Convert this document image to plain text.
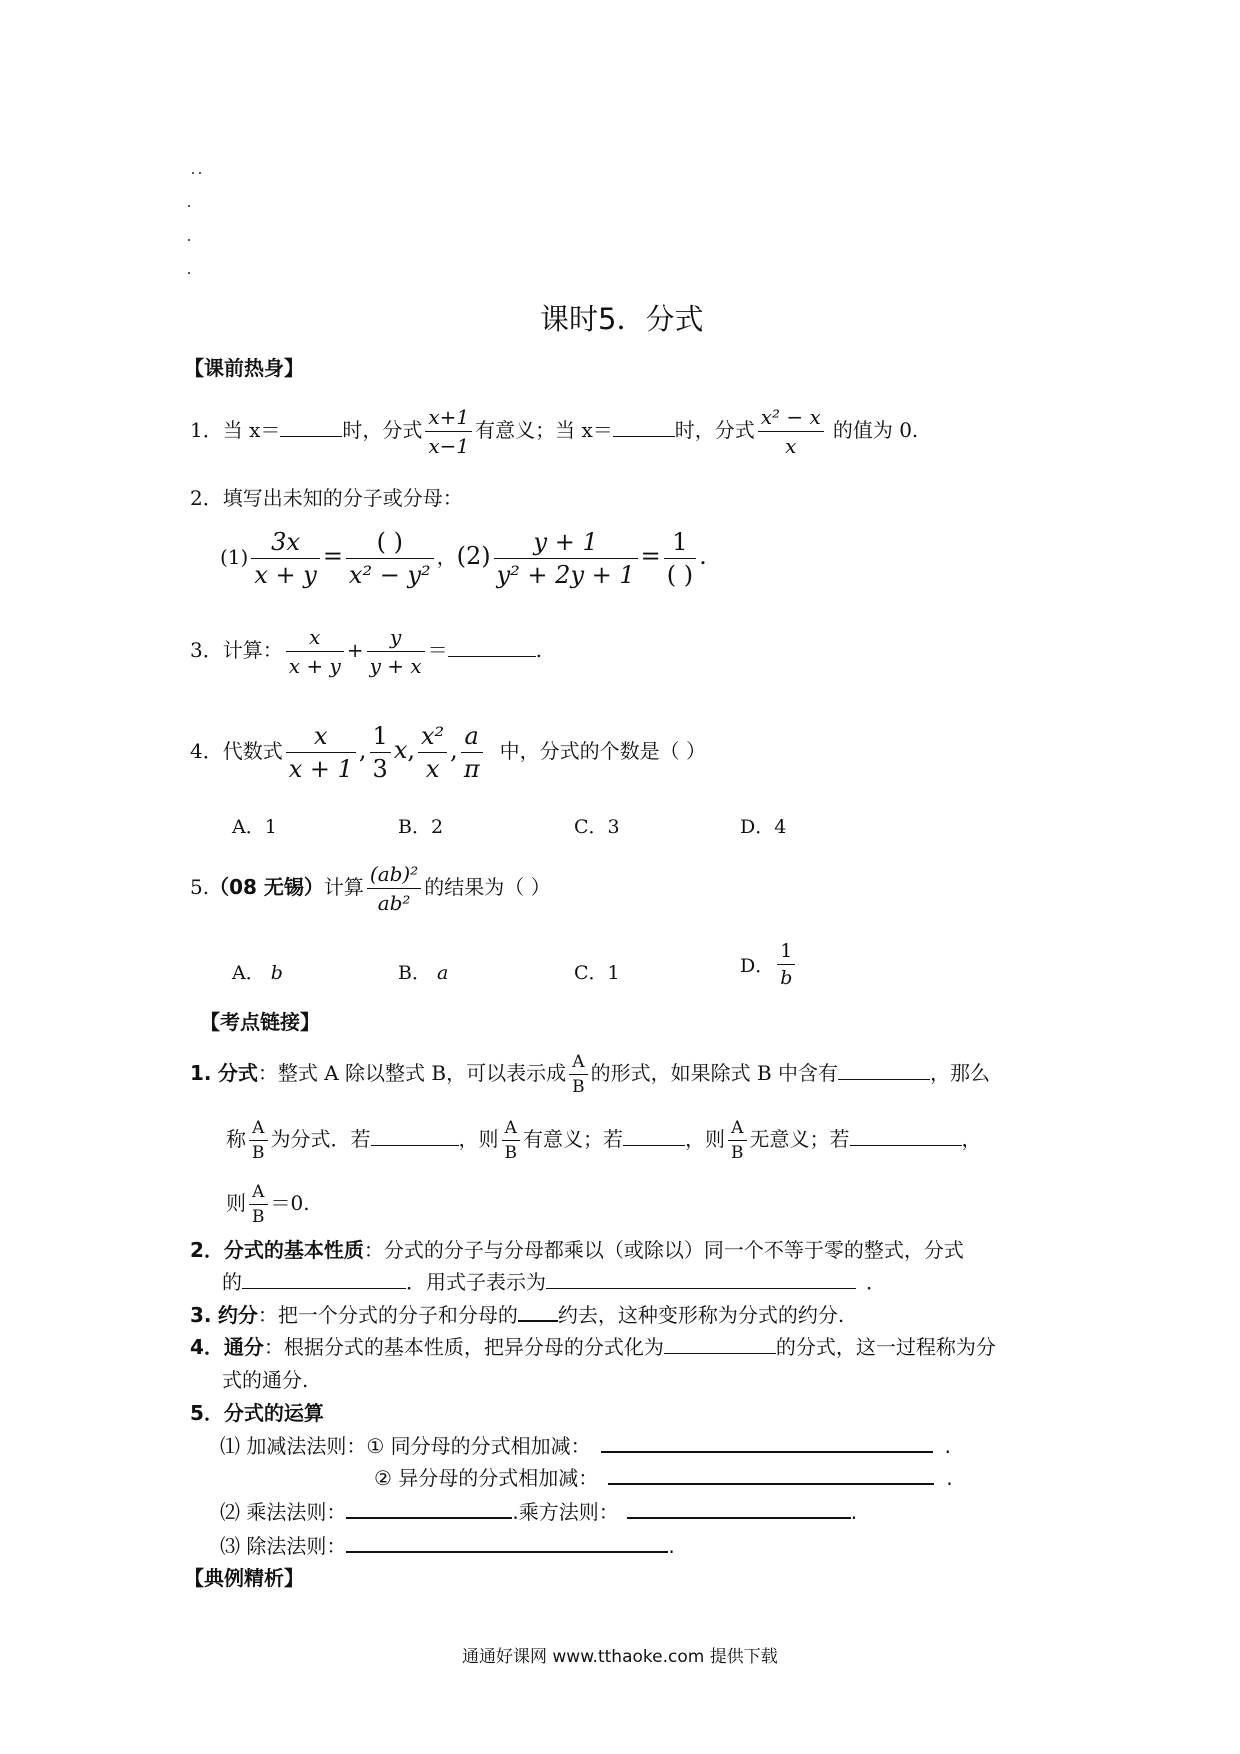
课时5．分式
【课前热身】
1．当 x＝	时，分式 $\frac{x+1}{x-1}$ 有意义；当 x＝	时，分式 $\frac{\text{x² − x}}{x}$ 的值为 0.
2．填写出未知的分子或分母：
$(1) \frac{3x}{x + y} = \frac{( )}{\text{x² − y²}}$ ，$(2) \frac{y + 1}{\text{y² + 2y + 1}} = \frac{1}{( )}$ .
3．计算： $\frac{x}{x + y} + \frac{y}{y + x}$ ＝	.
4．代数式 $\frac{x}{x + 1}$ , $\frac{1}{3} x$, $\frac{\text{x²}}{x}$ , $\frac{a}{\pi}$ 中，分式的个数是（ ）
A．1	B．2	C．3	D．4
5.（08 无锡）计算 $\frac{\text{(ab)²}}{\text{ab²}}$ 的结果为（ ）
A． b	B． a	C．1	D． $\frac{1}{b}$
【考点链接】
1. 分式：整式 A 除以整式 B，可以表示成 $\frac{A}{B}$ 的形式，如果除式 B 中含有	，那么
称 $\frac{A}{B}$ 为分式．若	，则 $\frac{A}{B}$ 有意义；若	，则 $\frac{A}{B}$ 无意义；若	，
则 $\frac{A}{B} =0$.
2．分式的基本性质：分式的分子与分母都乘以（或除以）同一个不等于零的整式，分式
的	．用式子表示为	．
3. 约分：把一个分式的分子和分母的 约去，这种变形称为分式的约分.
4．通分：根据分式的基本性质，把异分母的分式化为	的分式，这一过程称为分
式的通分.
5．分式的运算
⑴ 加减法法则：① 同分母的分式相加减：	.
② 异分母的分式相加减：	.
⑵ 乘法法则：	.乘方法则：	.
⑶ 除法法则：	.
【典例精析】
通通好课网 www.tthaoke.com 提供下载
